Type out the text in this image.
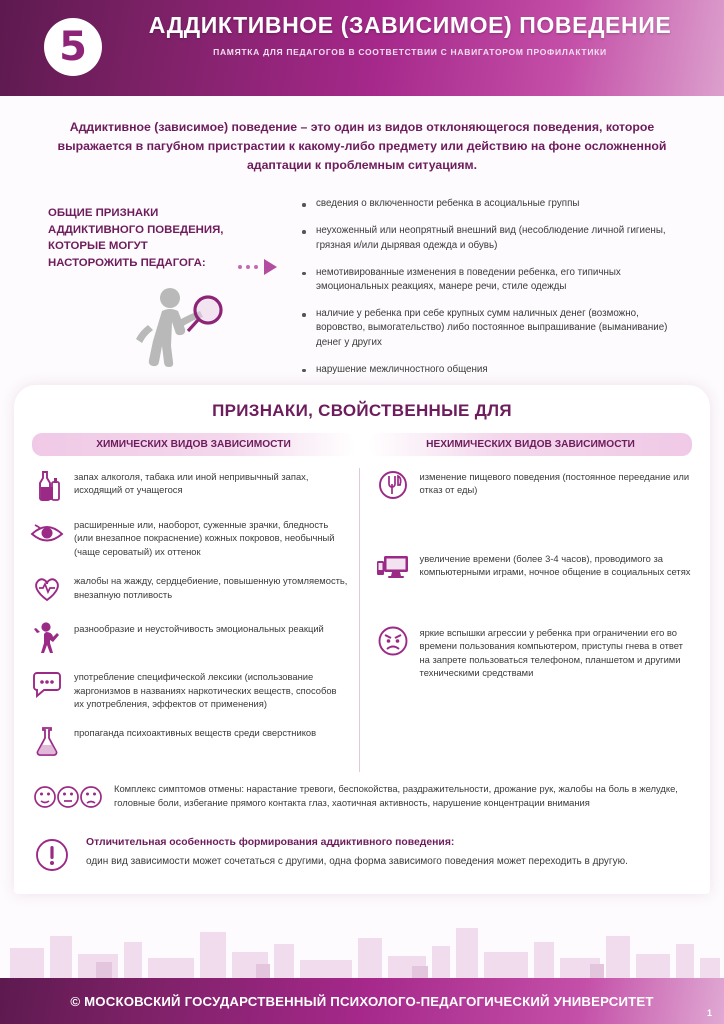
5	АДДИКТИВНОЕ (ЗАВИСИМОЕ) ПОВЕДЕНИЕ
ПАМЯТКА ДЛЯ ПЕДАГОГОВ В СООТВЕТСТВИИ С НАВИГАТОРОМ ПРОФИЛАКТИКИ
Аддиктивное (зависимое) поведение – это один из видов отклоняющегося поведения, которое выражается в пагубном пристрастии к какому-либо предмету или действию на фоне осложненной адаптации к проблемным ситуациям.
ОБЩИЕ ПРИЗНАКИ АДДИКТИВНОГО ПОВЕДЕНИЯ, КОТОРЫЕ МОГУТ НАСТОРОЖИТЬ ПЕДАГОГА:
сведения о включенности ребенка в асоциальные группы
неухоженный или неопрятный внешний вид (несоблюдение личной гигиены, грязная и/или дырявая одежда и обувь)
немотивированные изменения в поведении ребенка, его типичных эмоциональных реакциях, манере речи, стиле одежды
наличие у ребенка при себе крупных сумм наличных денег (возможно, воровство, вымогательство) либо постоянное выпрашивание (выманивание) денег у других
нарушение межличностного общения
ПРИЗНАКИ, СВОЙСТВЕННЫЕ ДЛЯ
ХИМИЧЕСКИХ ВИДОВ ЗАВИСИМОСТИ	НЕХИМИЧЕСКИХ ВИДОВ ЗАВИСИМОСТИ
запах алкоголя, табака или иной непривычный запах, исходящий от учащегося
расширенные или, наоборот, суженные зрачки, бледность (или внезапное покраснение) кожных покровов, необычный (чаще сероватый) их оттенок
жалобы на жажду, сердцебиение, повышенную утомляемость, внезапную потливость
разнообразие и неустойчивость эмоциональных реакций
употребление специфической лексики (использование жаргонизмов в названиях наркотических веществ, способов их употребления, эффектов от применения)
пропаганда психоактивных веществ среди сверстников
изменение пищевого поведения (постоянное переедание или отказ от еды)
увеличение времени (более 3-4 часов), проводимого за компьютерными играми, ночное общение в социальных сетях
яркие вспышки агрессии у ребенка при ограничении его во времени пользования компьютером, приступы гнева в ответ на запрете пользоваться телефоном, планшетом и другими техническими средствами
Комплекс симптомов отмены: нарастание тревоги, беспокойства, раздражительности, дрожание рук, жалобы на боль в желудке, головные боли, избегание прямого контакта глаз, хаотичная активность, нарушение концентрации внимания
Отличительная особенность формирования аддиктивного поведения:
один вид зависимости может сочетаться с другими, одна форма зависимого поведения может переходить в другую.
© МОСКОВСКИЙ ГОСУДАРСТВЕННЫЙ ПСИХОЛОГО-ПЕДАГОГИЧЕСКИЙ УНИВЕРСИТЕТ
1
